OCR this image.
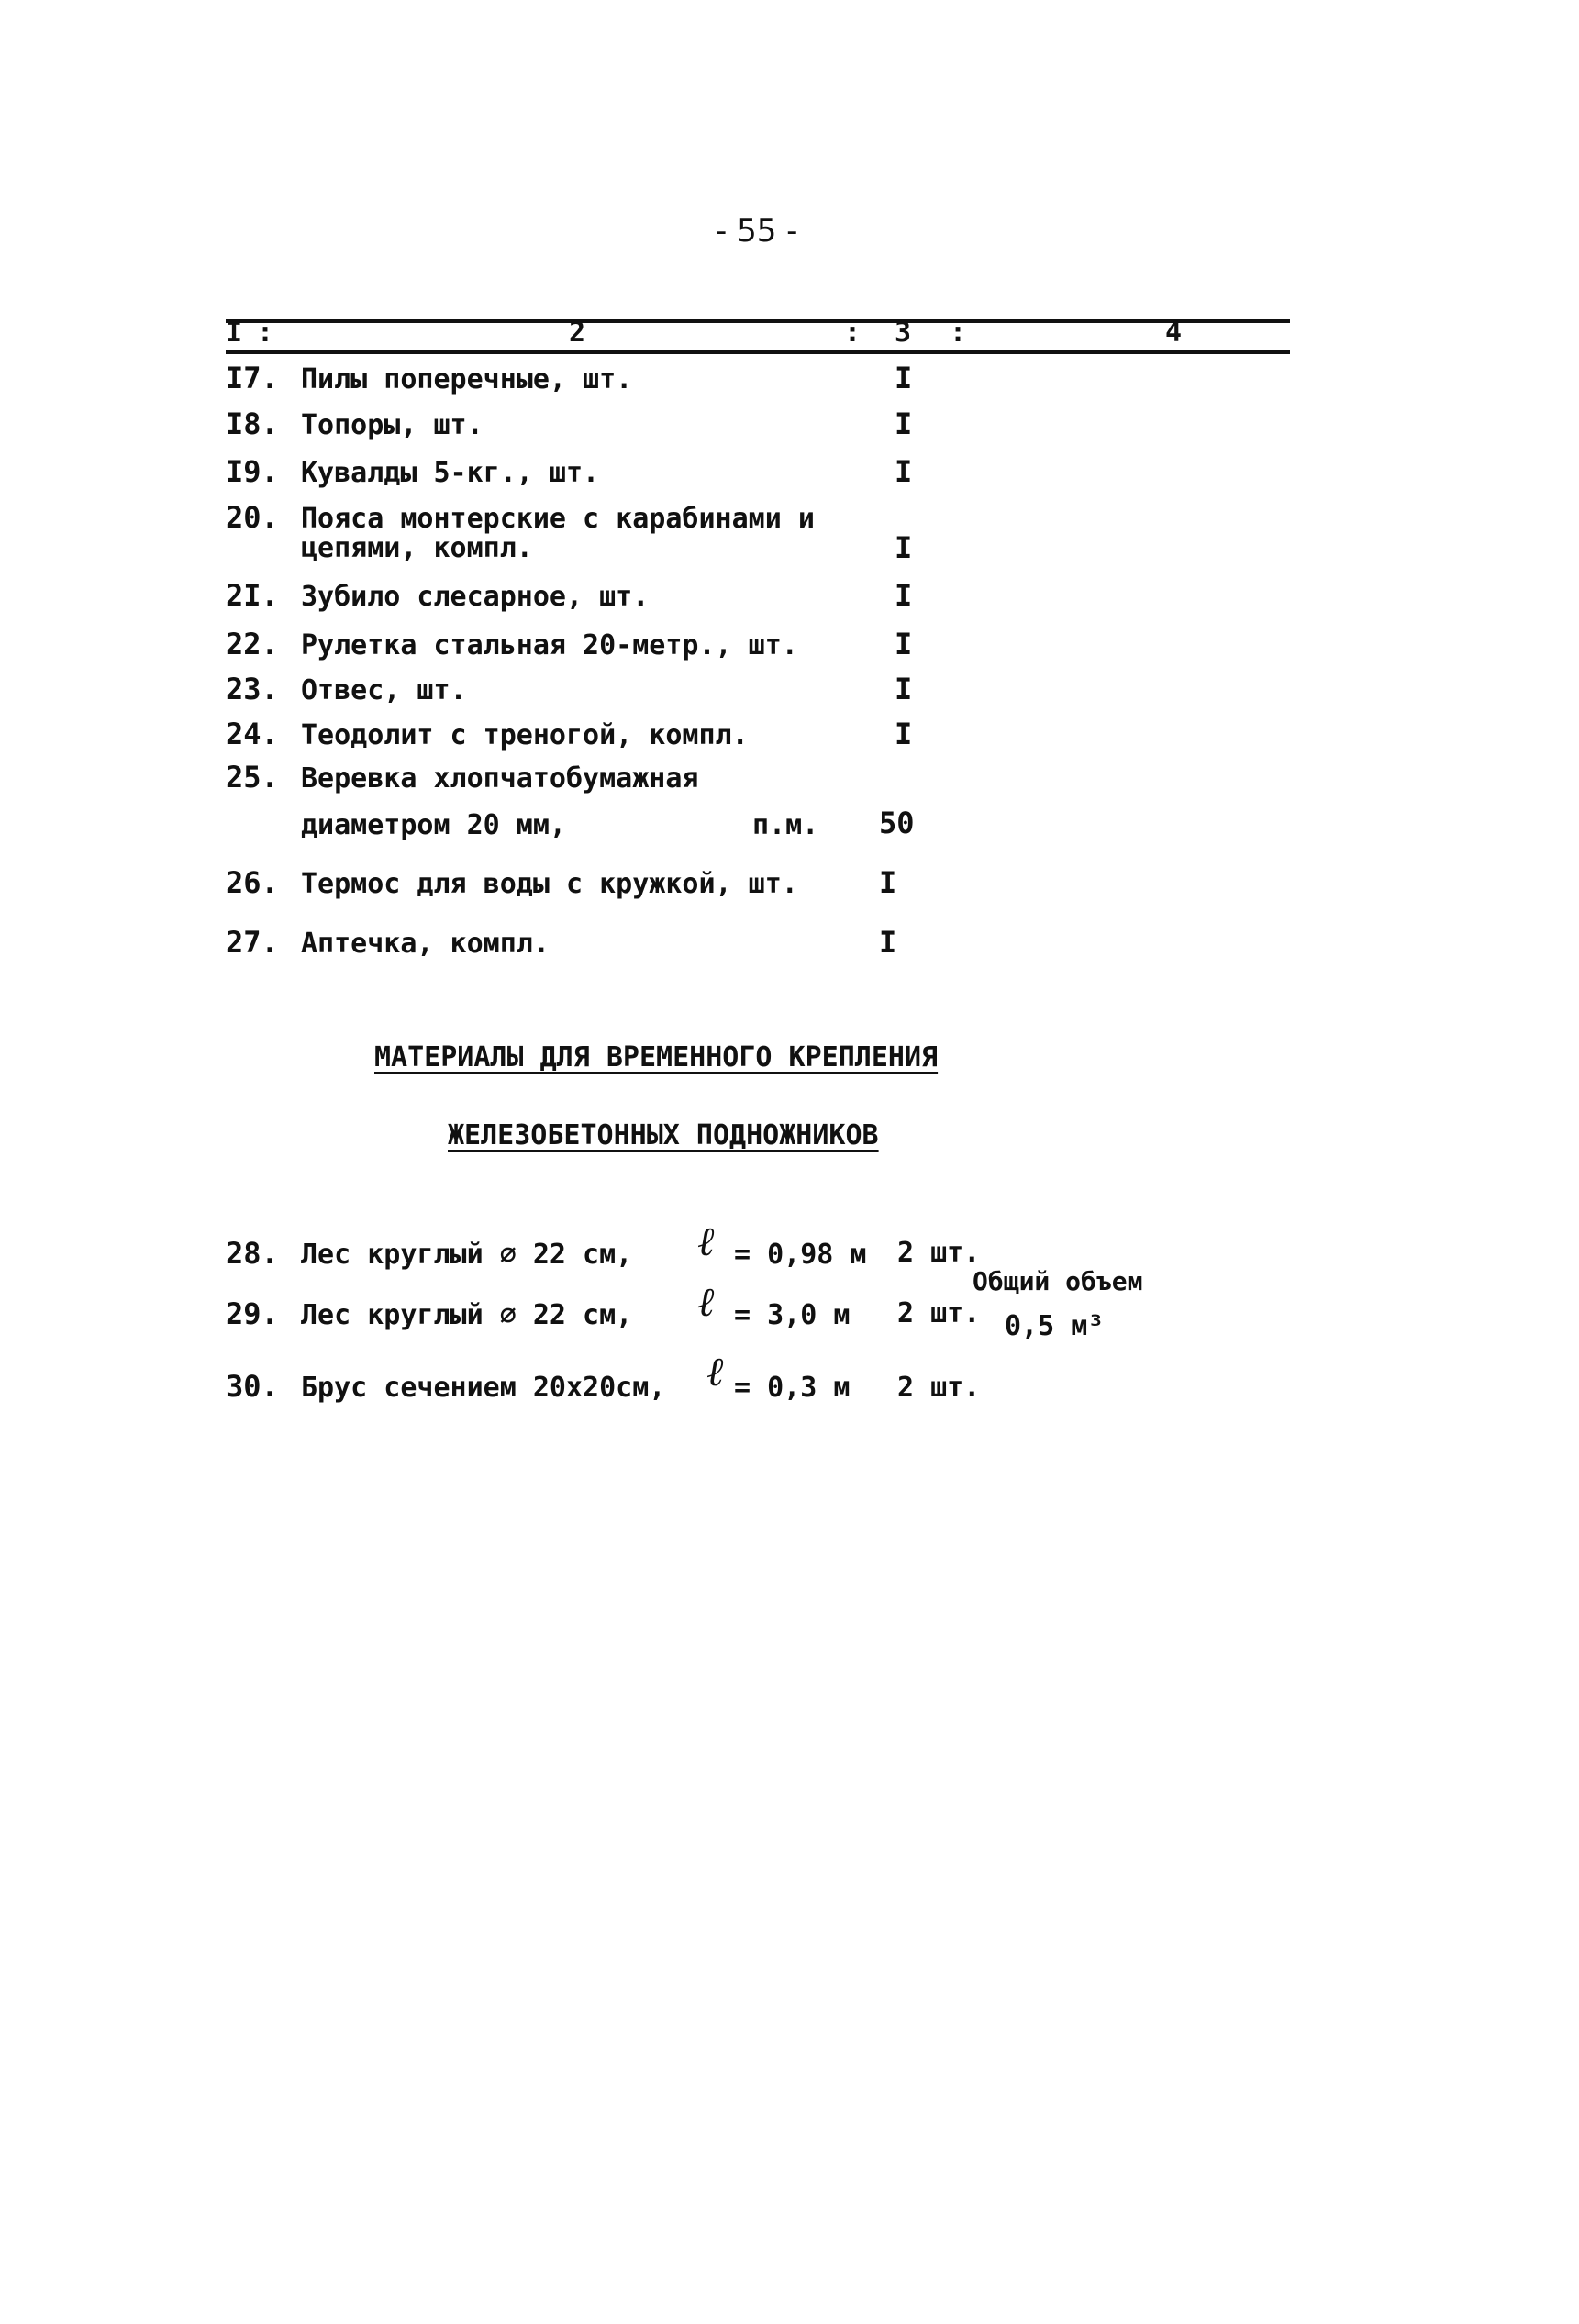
- 55 -
I :	2	: 3 :	4
I7. Пилы поперечные, шт.	I
I8. Топоры, шт.	I
I9. Кувалды 5-кг., шт.	I
20. Пояса монтерские с карабинами и
цепями, компл.	I
2I. Зубило слесарное, шт.	I
22. Рулетка стальная 20-метр., шт.	I
23. Отвес, шт.	I
24. Теодолит с треногой, компл.	I
25. Веревка хлопчатобумажная
диаметром 20 мм,	п.м. 50
26. Термос для воды с кружкой, шт.	I
27. Аптечка, компл.	I
МАТЕРИАЛЫ ДЛЯ ВРЕМЕННОГО КРЕПЛЕНИЯ
ЖЕЛЕЗОБЕТОННЫХ ПОДНОЖНИКОВ
28. Лес круглый ∅ 22 см, ℓ = 0,98 м 2 шт.
29. Лес круглый ∅ 22 см, ℓ = 3,0 м 2 шт.
30. Брус сечением 20х20см, ℓ = 0,3 м 2 шт.
Общий объем
0,5 м³
